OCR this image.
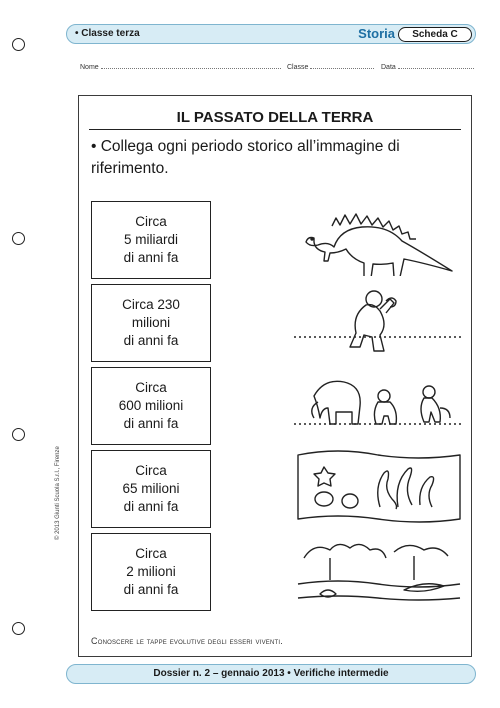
• Classe terza	Storia	Scheda C
Nome	Classe	Data
IL PASSATO DELLA TERRA
• Collega ogni periodo storico all’immagine di riferimento.
Circa
5 miliardi
di anni fa
Circa 230
milioni
di anni fa
Circa
600 milioni
di anni fa
Circa
65 milioni
di anni fa
Circa
2 milioni
di anni fa
Conoscere le tappe evolutive degli esseri viventi.
© 2013 Giunti Scuola S.r.l., Firenze
Dossier n. 2 – gennaio 2013 • Verifiche intermedie
